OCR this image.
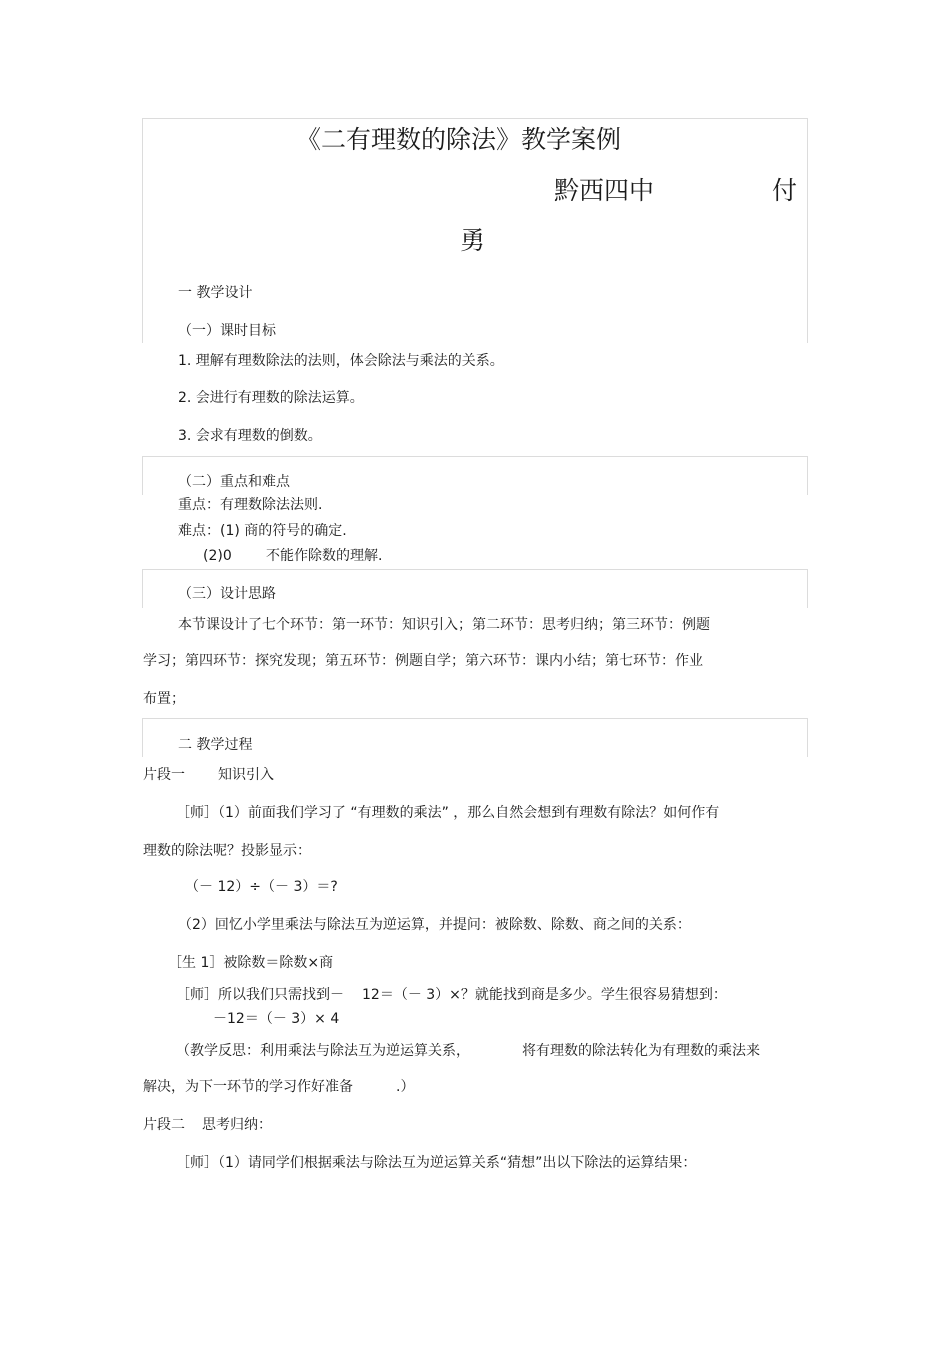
《二有理数的除法》教学案例
黔西四中	付
勇
一 教学设计
（一）课时目标
1. 理解有理数除法的法则，体会除法与乘法的关系。
2. 会进行有理数的除法运算。
3. 会求有理数的倒数。
（二）重点和难点
重点：有理数除法法则.
难点：(1) 商的符号的确定.
(2)0 不能作除数的理解.
（三）设计思路
本节课设计了七个环节：第一环节：知识引入；第二环节：思考归纳；第三环节：例题
学习；第四环节：探究发现；第五环节：例题自学；第六环节：课内小结；第七环节：作业
布置；
二 教学过程
片段一 知识引入
［师］（1）前面我们学习了 “有理数的乘法” ，那么自然会想到有理数有除法？如何作有
理数的除法呢？投影显示：
（－ 12）÷（－ 3）＝?
（2）回忆小学里乘法与除法互为逆运算，并提问：被除数、除数、商之间的关系：
［生 1］被除数＝除数×商
［师］所以我们只需找到－ 12＝（－ 3）×？就能找到商是多少。学生很容易猜想到：
－12＝（－ 3）× 4
（教学反思：利用乘法与除法互为逆运算关系，	将有理数的除法转化为有理数的乘法来
解决，为下一环节的学习作好准备	.）
片段二 思考归纳：
［师］（1）请同学们根据乘法与除法互为逆运算关系“猜想”出以下除法的运算结果：
